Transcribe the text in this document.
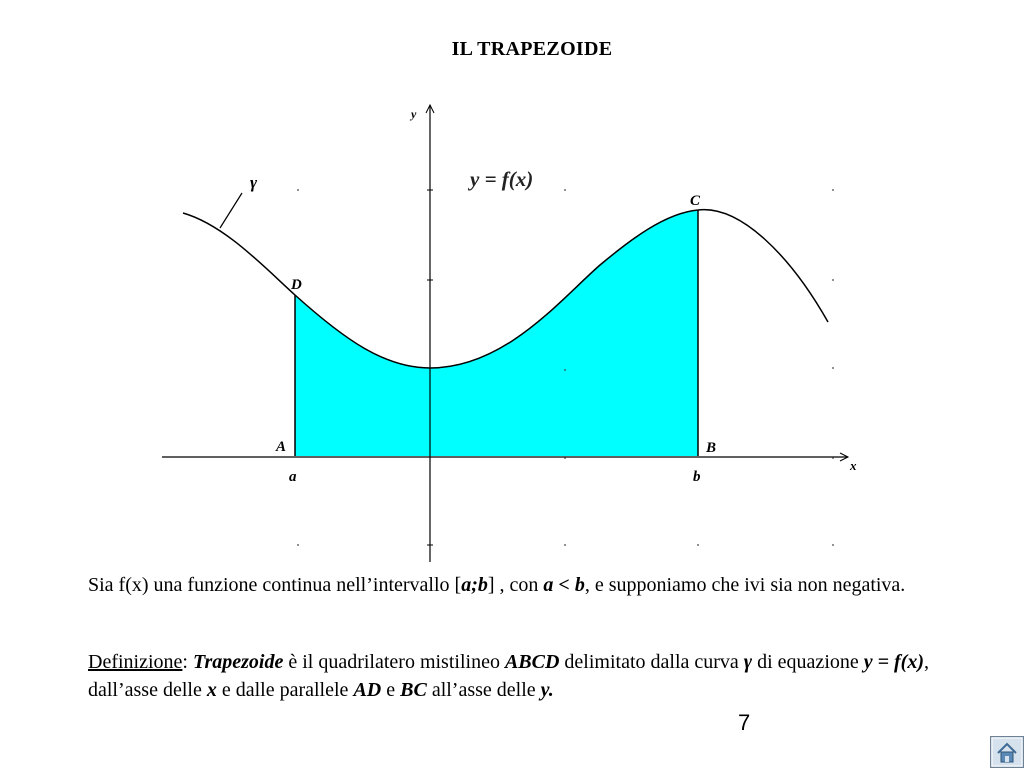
IL TRAPEZOIDE
y
x
γ	y = f(x)
C
D
A	B
a	b
Sia f(x) una funzione continua nell’intervallo [a;b] , con a < b, e supponiamo che ivi sia non negativa.
Definizione: Trapezoide è il quadrilatero mistilineo ABCD delimitato dalla curva γ di equazione y = f(x), dall’asse delle x e dalle parallele AD e BC all’asse delle y.
7
